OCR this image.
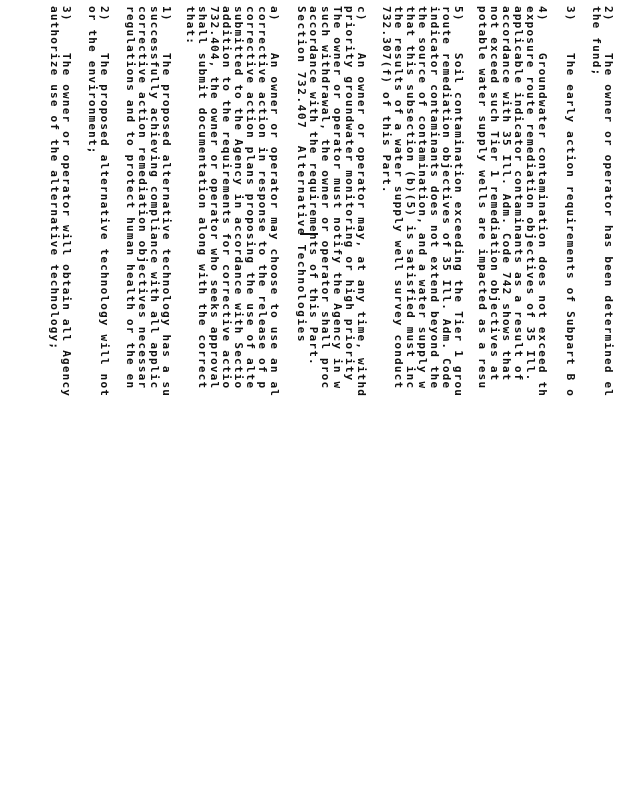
2)    The owner or operator has been determined el
the fund;
3)    The early action requirements of Subpart B o
4)    Groundwater contamination does not exceed th
exposure route remediation objectives of 35 Ill.
applicable indicator contaminants as a result of
accordance with 35 Ill. Adm. Code 742 shows that
not exceed such Tier 1 remediation objectives at
potable water supply wells are impacted as a resu
5)    Soil contamination exceeding the Tier 1 grou
route remediation objectives of 35 Ill. Adm. Code
indicator contaminants does not extend beyond the
the source of contamination, and a water supply w
that this subsection (b)(5) is satisfied must inc
the results of a water supply well survey conduct
732.307(f) of this Part.
c)    An owner or operator may, at any time, withd
priority groundwater monitoring or high priority
The owner or operator must notify the Agency in w
such withdrawal, the owner or operator shall proc
accordance with the requirements of this Part.
Section 732.407  Alternative Technologies
a)    An owner or operator may choose to use an al
corrective action in response to the release of p
corrective action plans proposing the use of alte
submitted to the Agency in accordance with Sectio
addition to the requirements for corrective actio
732.404, the owner or operator who seeks approval
shall submit documentation along with the correct
that:
1)    The proposed alternative technology has a su
successfully achieving compliance with all applic
corrective action remediation objectives necessar
regulations and to protect human health or the en
2)    The proposed alternative technology will not
or the environment;
3)    The owner or operator will obtain all Agency
authorize use of the alternative technology;
